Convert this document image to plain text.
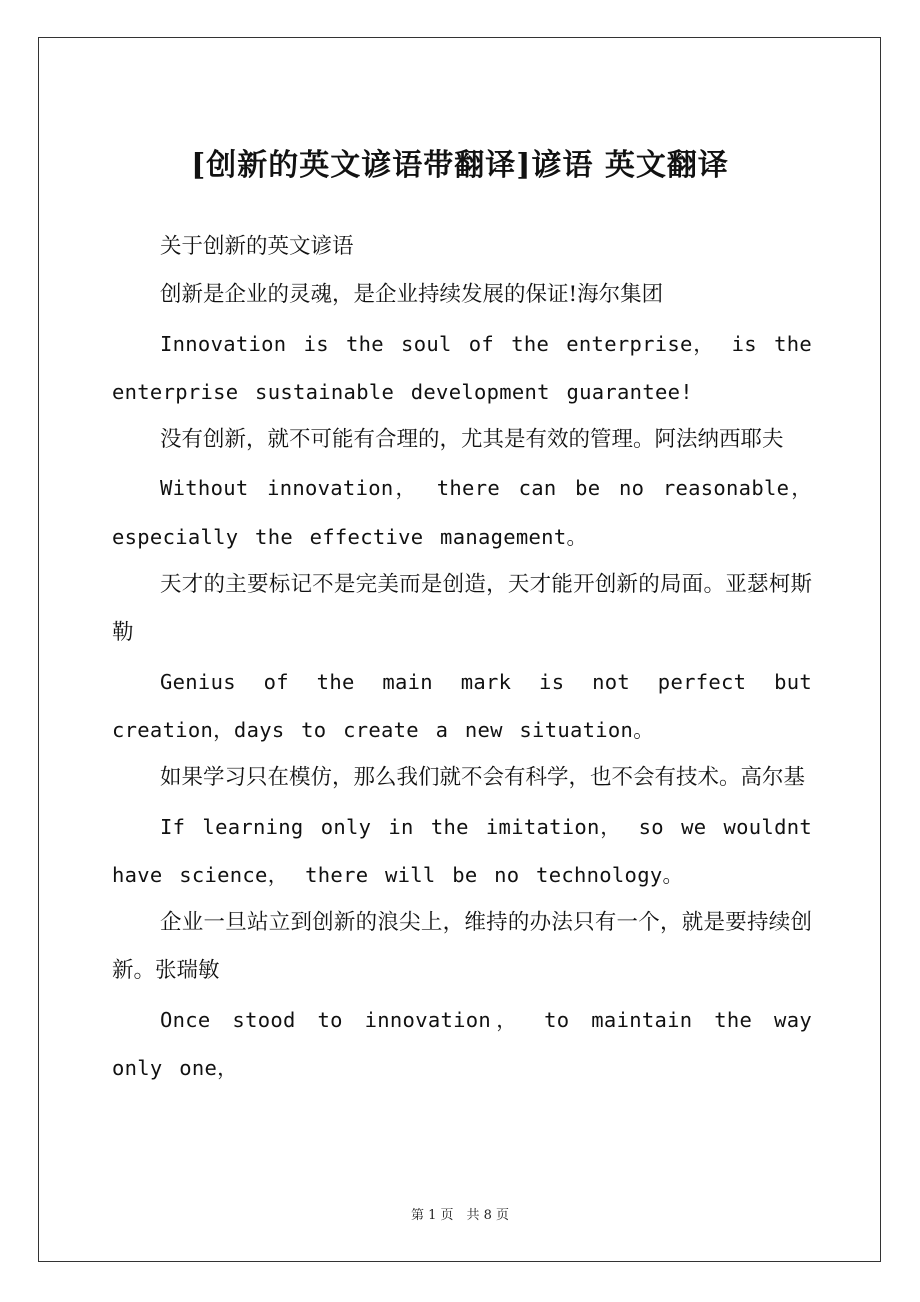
[创新的英文谚语带翻译]谚语 英文翻译

关于创新的英文谚语

创新是企业的灵魂，是企业持续发展的保证!海尔集团

Innovation is the soul of the enterprise， is the enterprise sustainable development guarantee!

没有创新，就不可能有合理的，尤其是有效的管理。阿法纳西耶夫

Without innovation， there can be no reasonable，especially the effective management。

天才的主要标记不是完美而是创造，天才能开创新的局面。亚瑟柯斯勒

Genius of the main mark is not perfect but creation，days to create a new situation。

如果学习只在模仿，那么我们就不会有科学，也不会有技术。高尔基

If learning only in the imitation， so we wouldnt have science， there will be no technology。

企业一旦站立到创新的浪尖上，维持的办法只有一个，就是要持续创新。张瑞敏

Once stood to innovation， to maintain the way only one，

第 1 页　共 8 页
